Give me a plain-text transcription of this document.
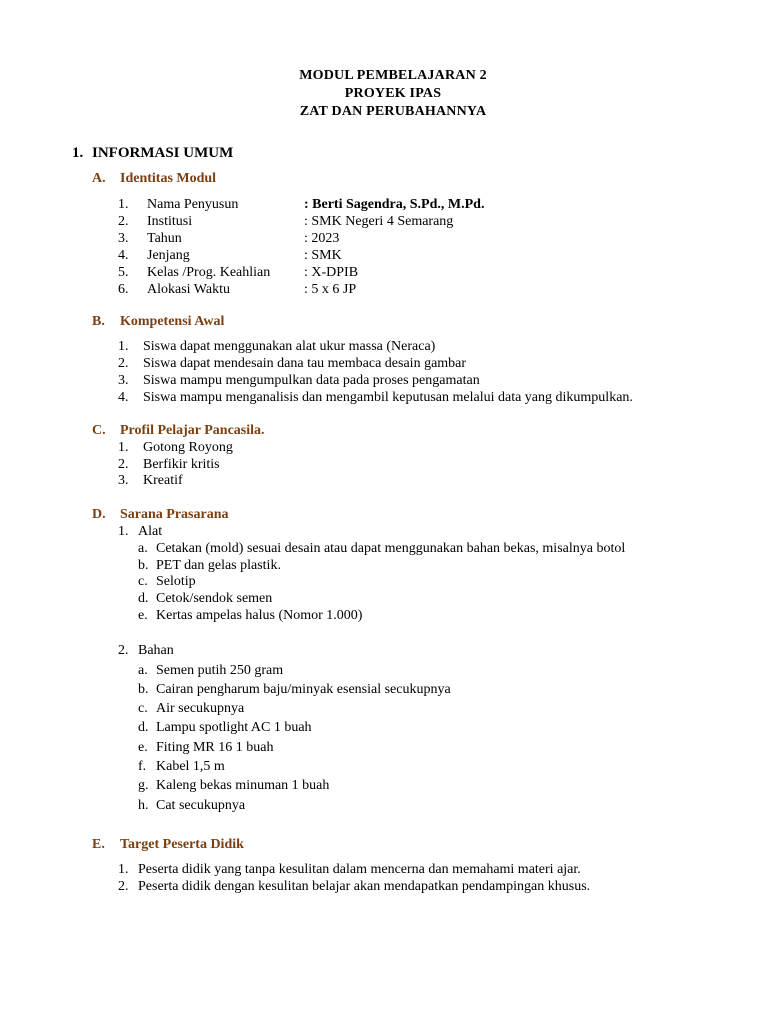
MODUL PEMBELAJARAN 2
PROYEK IPAS
ZAT DAN PERUBAHANNYA
1. INFORMASI UMUM
A. Identitas Modul
1. Nama Penyusun	: Berti Sagendra, S.Pd., M.Pd.
2. Institusi	: SMK Negeri 4 Semarang
3. Tahun	: 2023
4. Jenjang	: SMK
5. Kelas /Prog. Keahlian : X-DPIB
6. Alokasi Waktu	: 5 x 6 JP
B. Kompetensi Awal
1. Siswa dapat menggunakan alat ukur massa (Neraca)
2. Siswa dapat mendesain dana tau membaca desain gambar
3. Siswa mampu mengumpulkan data pada proses pengamatan
4. Siswa mampu menganalisis dan mengambil keputusan melalui data yang dikumpulkan.
C. Profil Pelajar Pancasila.
1. Gotong Royong
2. Berfikir kritis
3. Kreatif
D. Sarana Prasarana
1. Alat
a. Cetakan (mold) sesuai desain atau dapat menggunakan bahan bekas, misalnya botol
b. PET dan gelas plastik.
c. Selotip
d. Cetok/sendok semen
e. Kertas ampelas halus (Nomor 1.000)
2. Bahan
a. Semen putih 250 gram
b. Cairan pengharum baju/minyak esensial secukupnya
c. Air secukupnya
d. Lampu spotlight AC 1 buah
e. Fiting MR 16 1 buah
f. Kabel 1,5 m
g. Kaleng bekas minuman 1 buah
h. Cat secukupnya
E. Target Peserta Didik
1. Peserta didik yang tanpa kesulitan dalam mencerna dan memahami materi ajar.
2. Peserta didik dengan kesulitan belajar akan mendapatkan pendampingan khusus.
